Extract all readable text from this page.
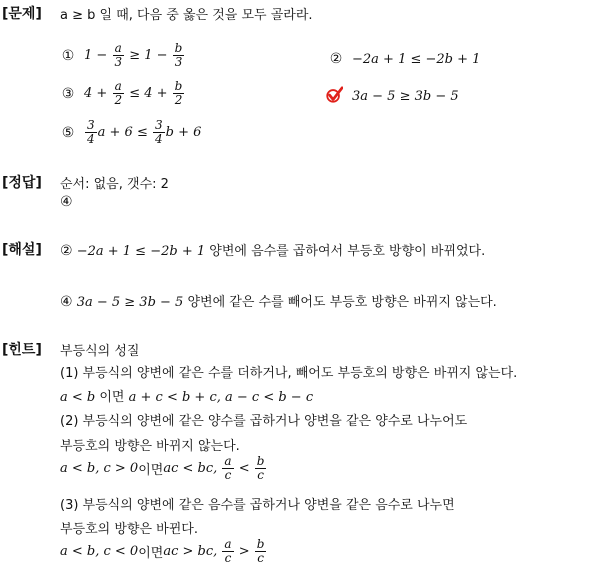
[문제] a ≥ b 일 때, 다음 중 옳은 것을 모두 골라라.
① $1 - \frac{a}{3} \ge 1 - \frac{b}{3}$	② −2a + 1 ≤ −2b + 1
③ $4 + \frac{a}{2} \le 4 + \frac{b}{2}$	3a − 5 ≥ 3b − 5
⑤ $\frac{3}{4}$ $a + 6 \le \frac{3}{4}$ b + 6
[정답] 순서: 없음, 갯수: 2
④
[해설] ② −2a + 1 ≤ −2b + 1 양변에 음수를 곱하여서 부등호 방향이 바뀌었다.
④ 3a − 5 ≥ 3b − 5 양변에 같은 수를 빼어도 부등호 방향은 바뀌지 않는다.
[힌트] 부등식의 성질
(1) 부등식의 양변에 같은 수를 더하거나, 빼어도 부등호의 방향은 바뀌지 않는다.
a < b 이면 a + c < b + c, a − c < b − c
(2) 부등식의 양변에 같은 양수를 곱하거나 양변을 같은 양수로 나누어도
부등호의 방향은 바뀌지 않는다.
a < b, c > 0 이면 ac < bc,
$\frac{a}{c}$
<
$\frac{b}{c}$
(3) 부등식의 양변에 같은 음수를 곱하거나 양변을 같은 음수로 나누면
부등호의 방향은 바뀐다.
a < b, c < 0 이면 ac > bc,
$\frac{a}{c}$
>
$\frac{b}{c}$
